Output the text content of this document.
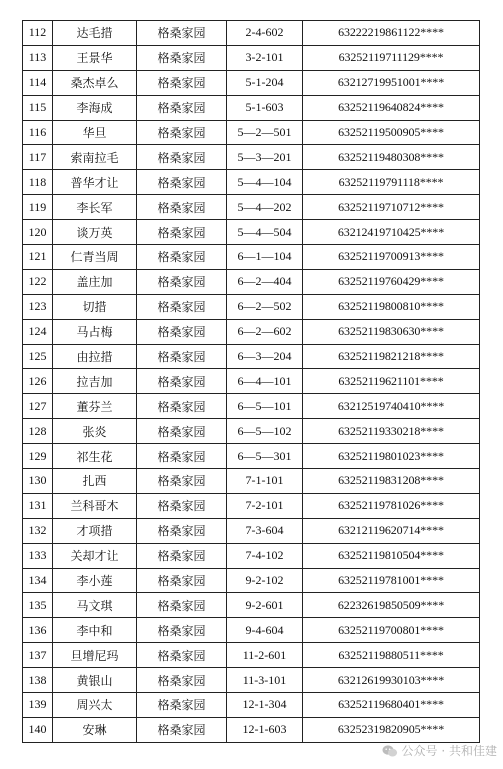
112	达毛措	格桑家园	2-4-602	63222219861122****
113	王景华	格桑家园	3-2-101	63252119711129****
114	桑杰卓么	格桑家园	5-1-204	63212719951001****
115	李海成	格桑家园	5-1-603	63252119640824****
116	华旦	格桑家园	5—2—501	63252119500905****
117	索南拉毛	格桑家园	5—3—201	63252119480308****
118	普华才让	格桑家园	5—4—104	63252119791118****
119	李长军	格桑家园	5—4—202	63252119710712****
120	谈万英	格桑家园	5—4—504	63212419710425****
121	仁青当周	格桑家园	6—1—104	63252119700913****
122	盖庄加	格桑家园	6—2—404	63252119760429****
123	切措	格桑家园	6—2—502	63252119800810****
124	马占梅	格桑家园	6—2—602	63252119830630****
125	由拉措	格桑家园	6—3—204	63252119821218****
126	拉吉加	格桑家园	6—4—101	63252119621101****
127	董芬兰	格桑家园	6—5—101	63212519740410****
128	张炎	格桑家园	6—5—102	63252119330218****
129	祁生花	格桑家园	6—5—301	63252119801023****
130	扎西	格桑家园	7-1-101	63252119831208****
131	兰科哥木	格桑家园	7-2-101	63252119781026****
132	才项措	格桑家园	7-3-604	63212119620714****
133	关却才让	格桑家园	7-4-102	63252119810504****
134	李小莲	格桑家园	9-2-102	63252119781001****
135	马文琪	格桑家园	9-2-601	62232619850509****
136	李中和	格桑家园	9-4-604	63252119700801****
137	旦增尼玛	格桑家园	11-2-601	63252119880511****
138	黄银山	格桑家园	11-3-101	63212619930103****
139	周兴太	格桑家园	12-1-304	63252119680401****
140	安琳	格桑家园	12-1-603	63252319820905****
公众号 · 共和佳建
